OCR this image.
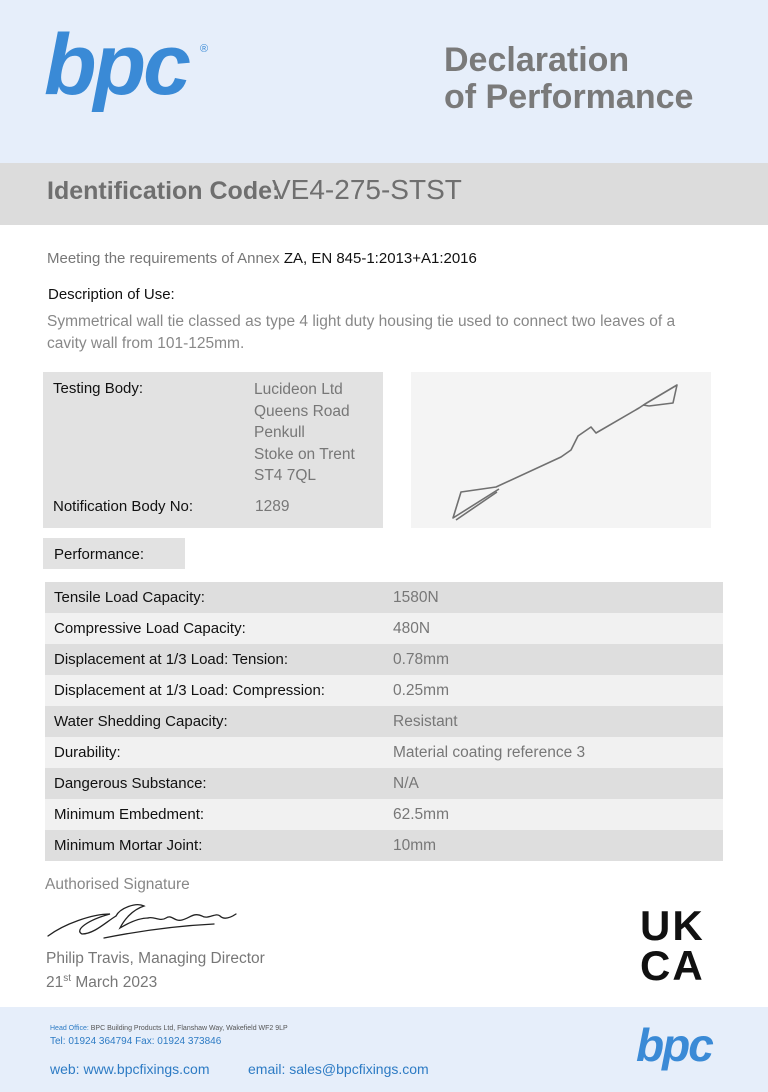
bpc ®	Declaration
of Performance
Identification Code:
VE4-275-STST
Meeting the requirements of Annex ZA, EN 845-1:2013+A1:2016
Description of Use:
Symmetrical wall tie classed as type 4 light duty housing tie used to connect two leaves of a cavity wall from 101-125mm.
Testing Body:	Lucideon Ltd
Queens Road
Penkull
Stoke on Trent
ST4 7QL
Notification Body No:	1289
Performance:
Tensile Load Capacity:	1580N
Compressive Load Capacity:	480N
Displacement at 1/3 Load: Tension:	0.78mm
Displacement at 1/3 Load: Compression:	0.25mm
Water Shedding Capacity:	Resistant
Durability:	Material coating reference 3
Dangerous Substance:	N/A
Minimum Embedment:	62.5mm
Minimum Mortar Joint:	10mm
Authorised Signature
Philip Travis, Managing Director
21st March 2023
UK
CA
Head Office: BPC Building Products Ltd, Flanshaw Way, Wakefield WF2 9LP
Tel: 01924 364794 Fax: 01924 373846
web: www.bpcfixings.com	email: sales@bpcfixings.com	bpc
